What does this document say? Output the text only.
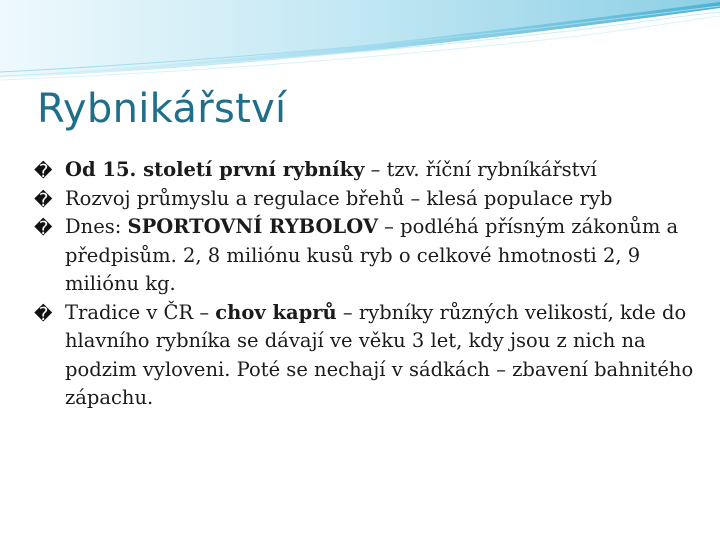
Rybnikářství
� Od 15. století první rybníky – tzv. říční rybníkářství
� Rozvoj průmyslu a regulace břehů – klesá populace ryb
� Dnes: SPORTOVNÍ RYBOLOV – podléhá přísným zákonům a předpisům. 2, 8 miliónu kusů ryb o celkové hmotnosti 2, 9 miliónu kg.
� Tradice v ČR – chov kaprů – rybníky různých velikostí, kde do hlavního rybníka se dávají ve věku 3 let, kdy jsou z nich na podzim vyloveni. Poté se nechají v sádkách – zbavení bahnitého zápachu.
